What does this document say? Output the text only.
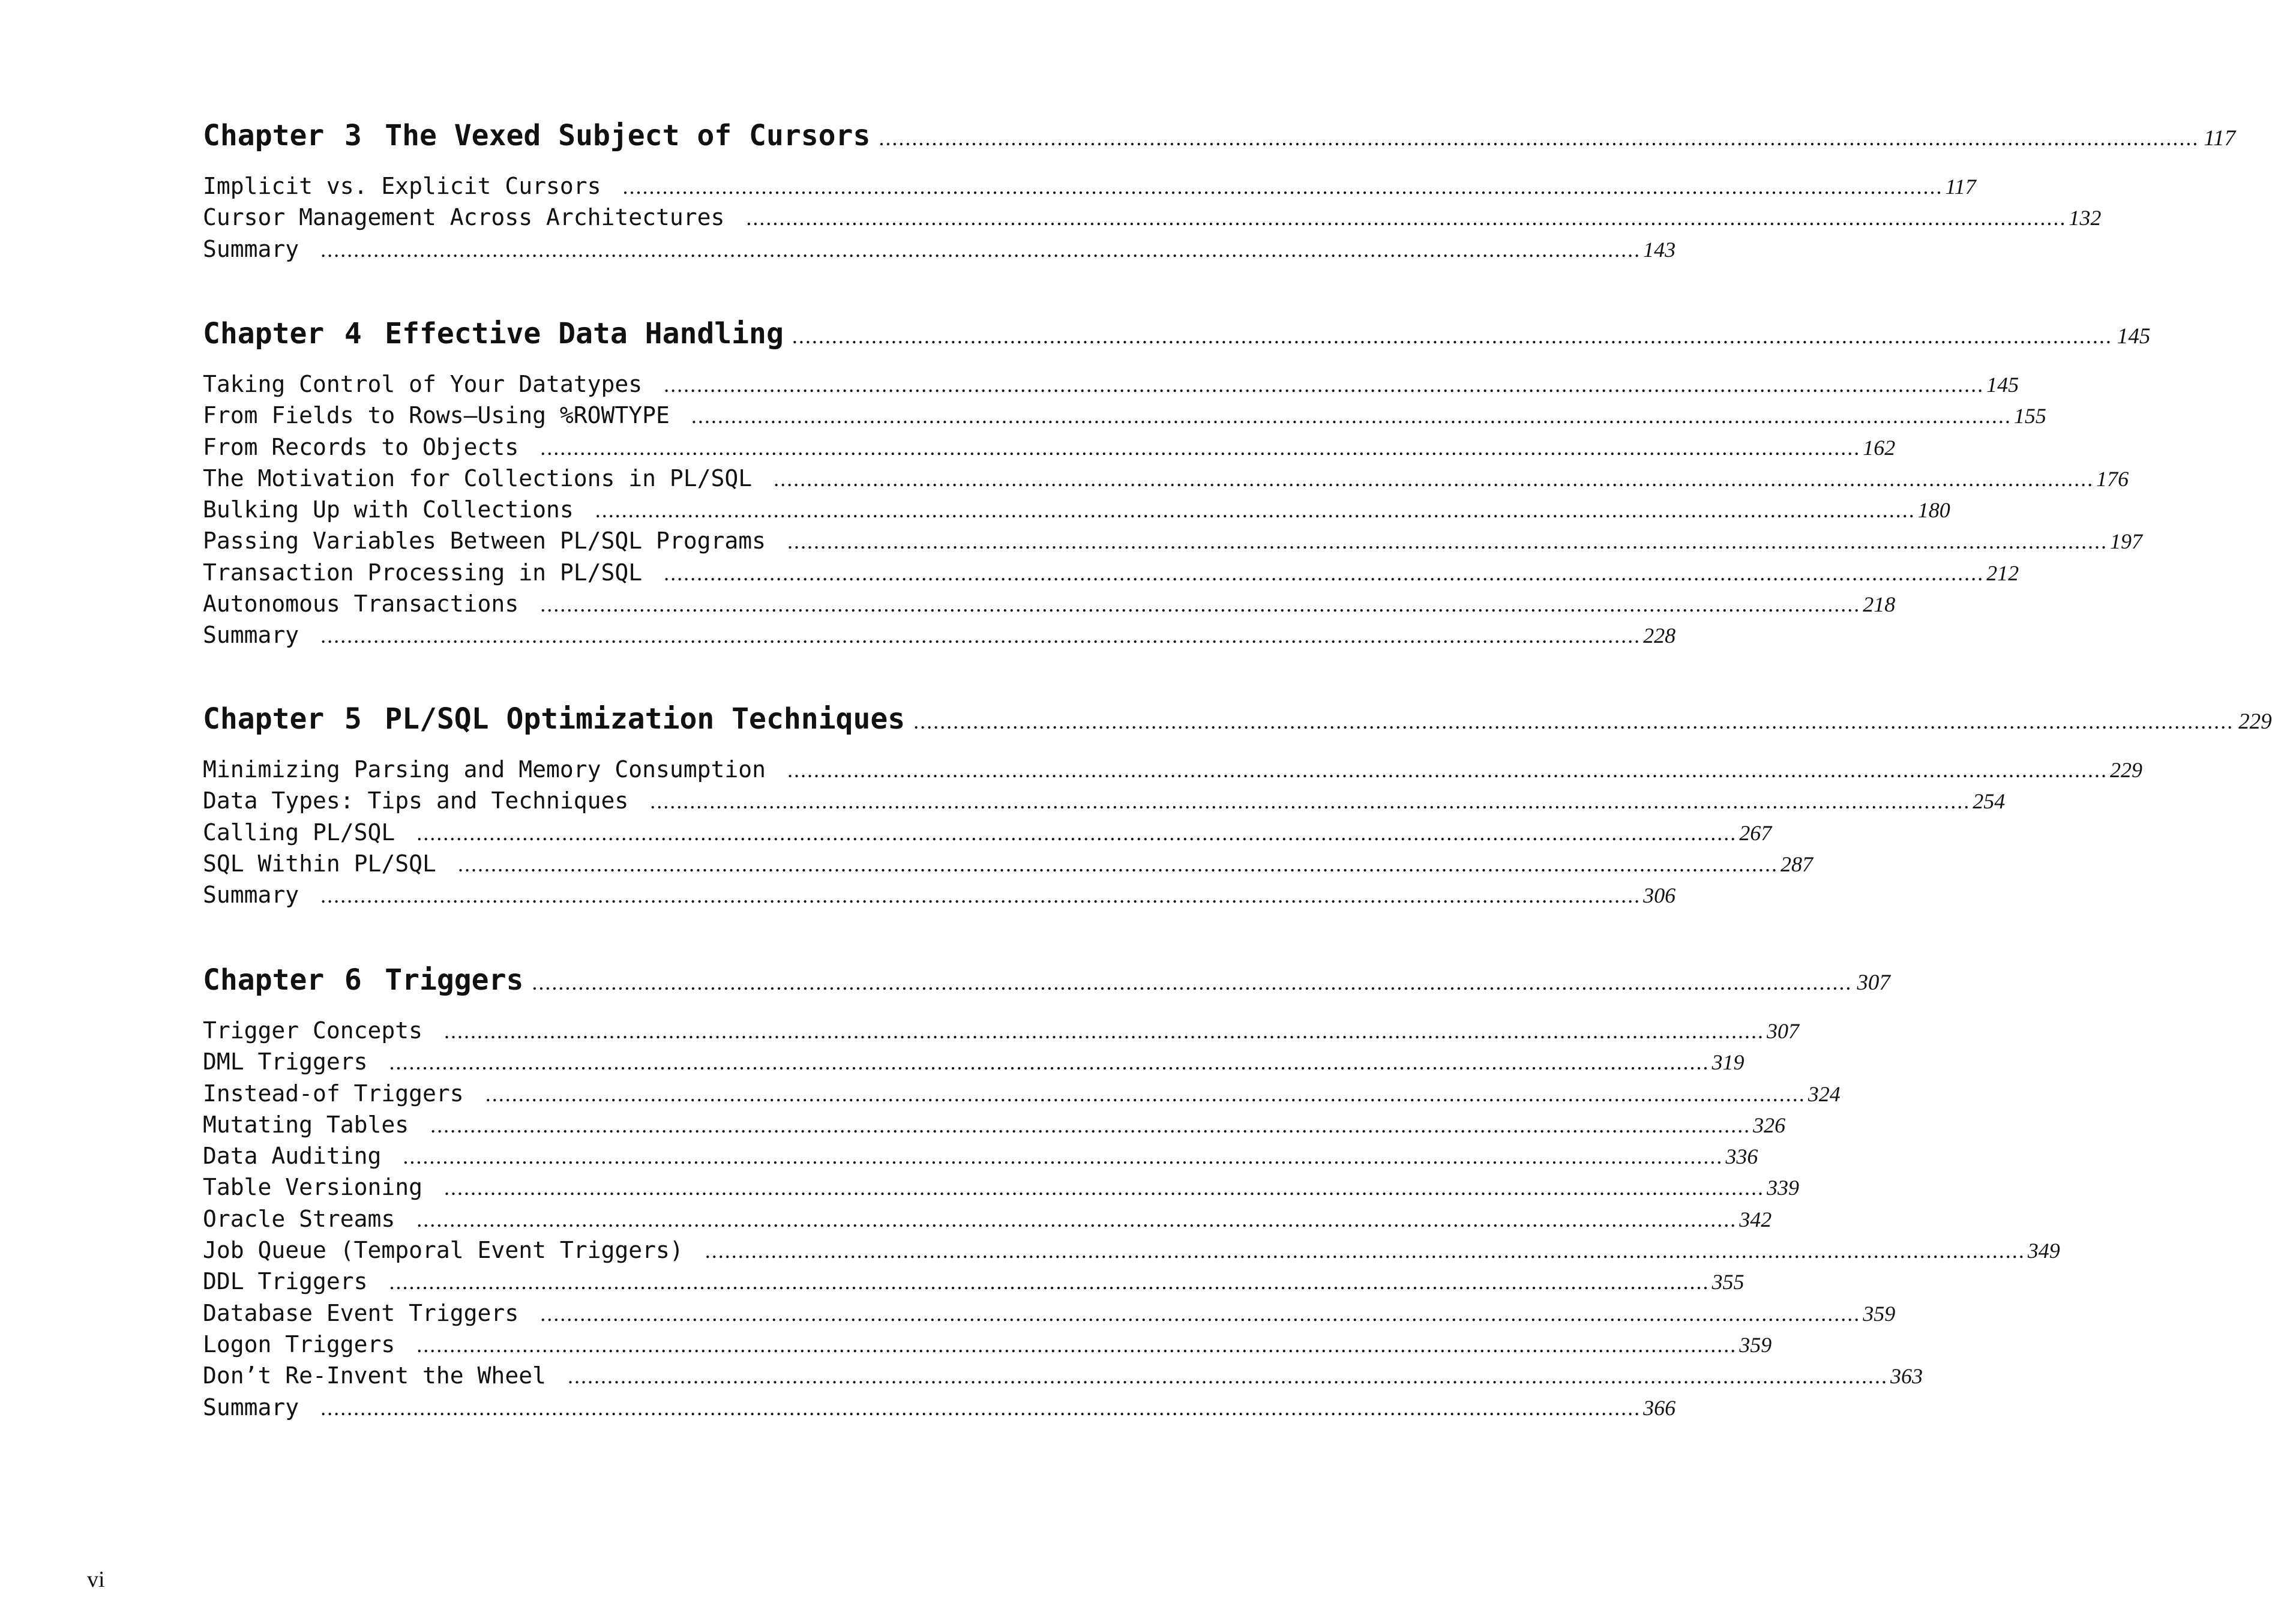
Chapter 3 The Vexed Subject of Cursors ........................................................................................................................................................................................................ 117
Implicit vs. Explicit Cursors ........................................................................................................................................................................................................ 117
Cursor Management Across Architectures ........................................................................................................................................................................................................ 132
Summary ........................................................................................................................................................................................................ 143
Chapter 4 Effective Data Handling ........................................................................................................................................................................................................ 145
Taking Control of Your Datatypes ........................................................................................................................................................................................................ 145
From Fields to Rows—Using %ROWTYPE ........................................................................................................................................................................................................ 155
From Records to Objects ........................................................................................................................................................................................................ 162
The Motivation for Collections in PL/SQL ........................................................................................................................................................................................................ 176
Bulking Up with Collections ........................................................................................................................................................................................................ 180
Passing Variables Between PL/SQL Programs ........................................................................................................................................................................................................ 197
Transaction Processing in PL/SQL ........................................................................................................................................................................................................ 212
Autonomous Transactions ........................................................................................................................................................................................................ 218
Summary ........................................................................................................................................................................................................ 228
Chapter 5 PL/SQL Optimization Techniques ........................................................................................................................................................................................................ 229
Minimizing Parsing and Memory Consumption ........................................................................................................................................................................................................ 229
Data Types: Tips and Techniques ........................................................................................................................................................................................................ 254
Calling PL/SQL ........................................................................................................................................................................................................ 267
SQL Within PL/SQL ........................................................................................................................................................................................................ 287
Summary ........................................................................................................................................................................................................ 306
Chapter 6 Triggers ........................................................................................................................................................................................................ 307
Trigger Concepts ........................................................................................................................................................................................................ 307
DML Triggers ........................................................................................................................................................................................................ 319
Instead-of Triggers ........................................................................................................................................................................................................ 324
Mutating Tables ........................................................................................................................................................................................................ 326
Data Auditing ........................................................................................................................................................................................................ 336
Table Versioning ........................................................................................................................................................................................................ 339
Oracle Streams ........................................................................................................................................................................................................ 342
Job Queue (Temporal Event Triggers) ........................................................................................................................................................................................................ 349
DDL Triggers ........................................................................................................................................................................................................ 355
Database Event Triggers ........................................................................................................................................................................................................ 359
Logon Triggers ........................................................................................................................................................................................................ 359
Don’t Re-Invent the Wheel ........................................................................................................................................................................................................ 363
Summary ........................................................................................................................................................................................................ 366
vi
